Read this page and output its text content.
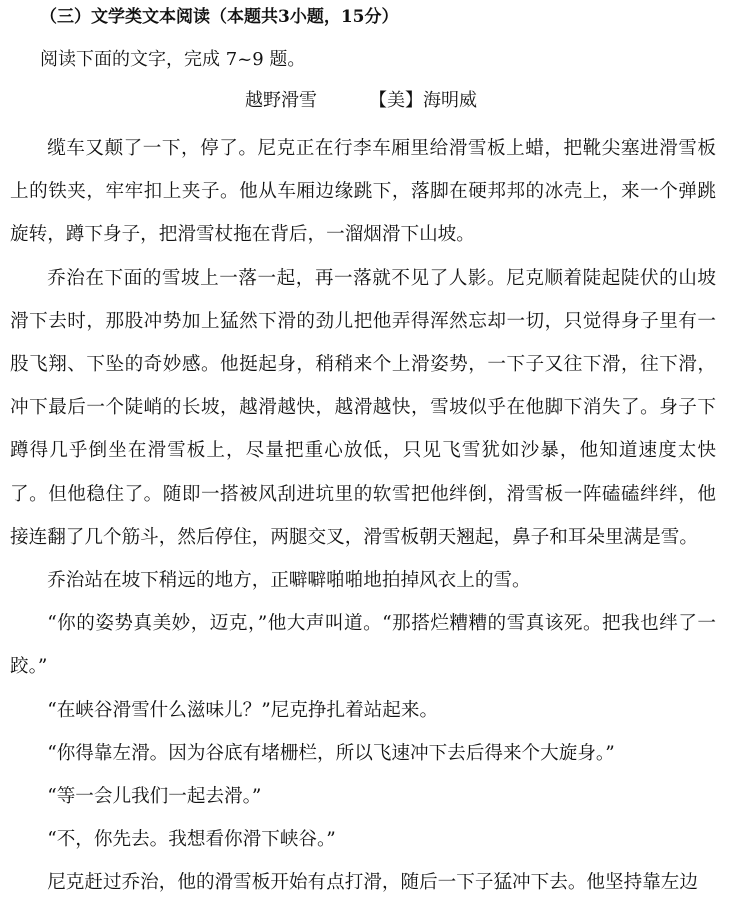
（三）文学类文本阅读（本题共3小题，15分）
阅读下面的文字，完成 7~9 题。
越野滑雪	【美】海明威

缆车又颠了一下，停了。尼克正在行李车厢里给滑雪板上蜡，把靴尖塞进滑雪板上的铁夹，牢牢扣上夹子。他从车厢边缘跳下，落脚在硬邦邦的冰壳上，来一个弹跳旋转，蹲下身子，把滑雪杖拖在背后，一溜烟滑下山坡。

乔治在下面的雪坡上一落一起，再一落就不见了人影。尼克顺着陡起陡伏的山坡滑下去时，那股冲势加上猛然下滑的劲儿把他弄得浑然忘却一切，只觉得身子里有一股飞翔、下坠的奇妙感。他挺起身，稍稍来个上滑姿势，一下子又往下滑，往下滑，冲下最后一个陡峭的长坡，越滑越快，越滑越快，雪坡似乎在他脚下消失了。身子下蹲得几乎倒坐在滑雪板上，尽量把重心放低，只见飞雪犹如沙暴，他知道速度太快了。但他稳住了。随即一搭被风刮进坑里的软雪把他绊倒，滑雪板一阵磕磕绊绊，他接连翻了几个筋斗，然后停住，两腿交叉，滑雪板朝天翘起，鼻子和耳朵里满是雪。

乔治站在坡下稍远的地方，正噼噼啪啪地拍掉风衣上的雪。

“你的姿势真美妙，迈克，”他大声叫道。“那搭烂糟糟的雪真该死。把我也绊了一跤。”

“在峡谷滑雪什么滋味儿？”尼克挣扎着站起来。

“你得靠左滑。因为谷底有堵栅栏，所以飞速冲下去后得来个大旋身。”

“等一会儿我们一起去滑。”

“不，你先去。我想看你滑下峡谷。”

尼克赶过乔治，他的滑雪板开始有点打滑，随后一下子猛冲下去。他坚持靠左边
